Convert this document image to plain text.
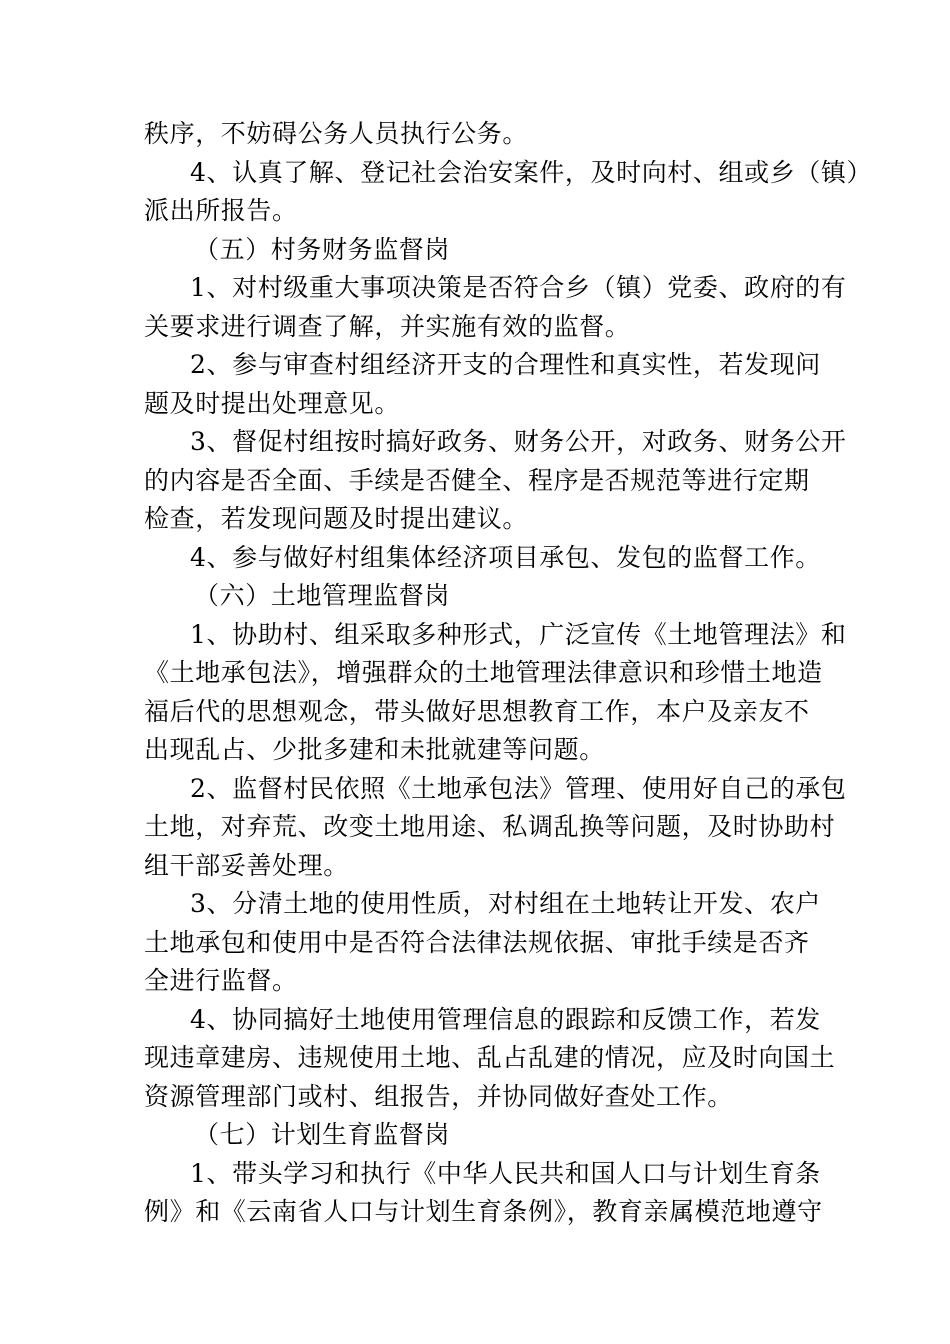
秩序，不妨碍公务人员执行公务。
4、认真了解、登记社会治安案件，及时向村、组或乡（镇）
派出所报告。
（五）村务财务监督岗
1、对村级重大事项决策是否符合乡（镇）党委、政府的有
关要求进行调查了解，并实施有效的监督。
2、参与审查村组经济开支的合理性和真实性，若发现问
题及时提出处理意见。
3、督促村组按时搞好政务、财务公开，对政务、财务公开
的内容是否全面、手续是否健全、程序是否规范等进行定期
检查，若发现问题及时提出建议。
4、参与做好村组集体经济项目承包、发包的监督工作。
（六）土地管理监督岗
1、协助村、组采取多种形式，广泛宣传《土地管理法》和
《土地承包法》，增强群众的土地管理法律意识和珍惜土地造
福后代的思想观念，带头做好思想教育工作，本户及亲友不
出现乱占、少批多建和未批就建等问题。
2、监督村民依照《土地承包法》管理、使用好自己的承包
土地，对弃荒、改变土地用途、私调乱换等问题，及时协助村
组干部妥善处理。
3、分清土地的使用性质，对村组在土地转让开发、农户
土地承包和使用中是否符合法律法规依据、审批手续是否齐
全进行监督。
4、协同搞好土地使用管理信息的跟踪和反馈工作，若发
现违章建房、违规使用土地、乱占乱建的情况，应及时向国土
资源管理部门或村、组报告，并协同做好查处工作。
（七）计划生育监督岗
1、带头学习和执行《中华人民共和国人口与计划生育条
例》和《云南省人口与计划生育条例》，教育亲属模范地遵守
